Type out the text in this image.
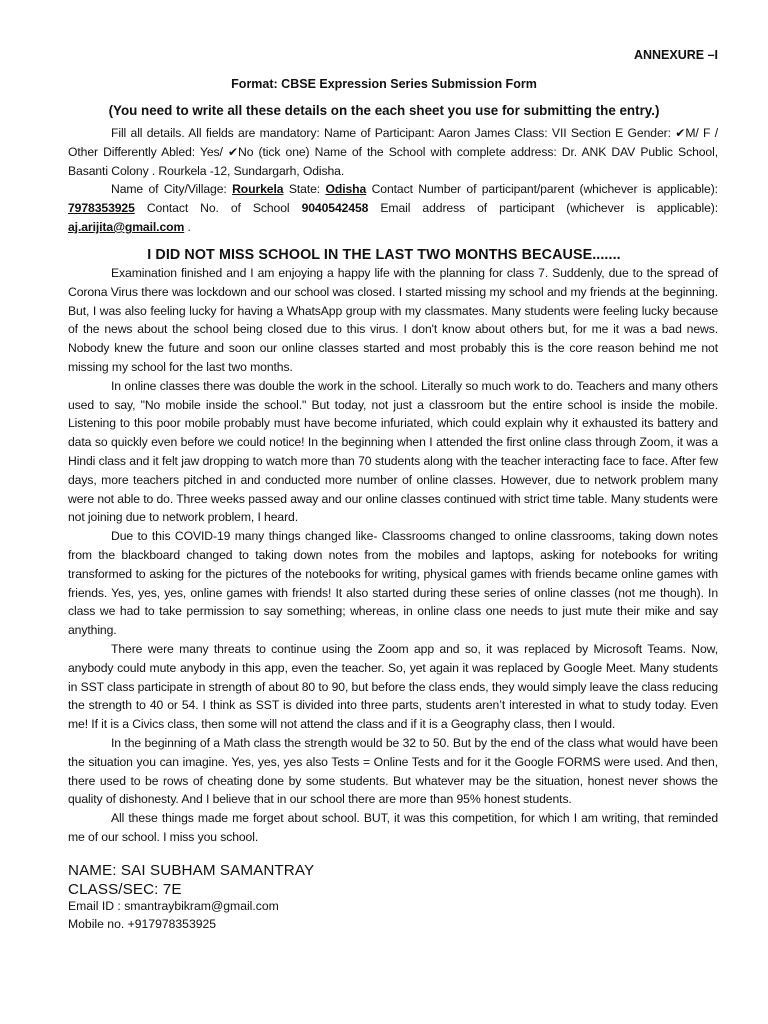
ANNEXURE –I
Format: CBSE Expression Series Submission Form
(You need to write all these details on the each sheet you use for submitting the entry.)

Fill all details. All fields are mandatory: Name of Participant: Aaron James Class: VII Section E Gender: ✔M/ F / Other Differently Abled: Yes/ ✔No (tick one) Name of the School with complete address: Dr. ANK DAV Public School, Basanti Colony . Rourkela -12, Sundargarh, Odisha.

Name of City/Village: Rourkela State: Odisha Contact Number of participant/parent (whichever is applicable): 7978353925 Contact No. of School 9040542458 Email address of participant (whichever is applicable): aj.arijita@gmail.com .

I DID NOT MISS SCHOOL IN THE LAST TWO MONTHS BECAUSE.......

Examination finished and I am enjoying a happy life with the planning for class 7. Suddenly, due to the spread of Corona Virus there was lockdown and our school was closed. I started missing my school and my friends at the beginning. But, I was also feeling lucky for having a WhatsApp group with my classmates. Many students were feeling lucky because of the news about the school being closed due to this virus. I don't know about others but, for me it was a bad news. Nobody knew the future and soon our online classes started and most probably this is the core reason behind me not missing my school for the last two months.

In online classes there was double the work in the school. Literally so much work to do. Teachers and many others used to say, "No mobile inside the school." But today, not just a classroom but the entire school is inside the mobile. Listening to this poor mobile probably must have become infuriated, which could explain why it exhausted its battery and data so quickly even before we could notice! In the beginning when I attended the first online class through Zoom, it was a Hindi class and it felt jaw dropping to watch more than 70 students along with the teacher interacting face to face. After few days, more teachers pitched in and conducted more number of online classes. However, due to network problem many were not able to do. Three weeks passed away and our online classes continued with strict time table. Many students were not joining due to network problem, I heard.

Due to this COVID-19 many things changed like- Classrooms changed to online classrooms, taking down notes from the blackboard changed to taking down notes from the mobiles and laptops, asking for notebooks for writing transformed to asking for the pictures of the notebooks for writing, physical games with friends became online games with friends. Yes, yes, yes, online games with friends! It also started during these series of online classes (not me though). In class we had to take permission to say something; whereas, in online class one needs to just mute their mike and say anything.

There were many threats to continue using the Zoom app and so, it was replaced by Microsoft Teams. Now, anybody could mute anybody in this app, even the teacher. So, yet again it was replaced by Google Meet. Many students in SST class participate in strength of about 80 to 90, but before the class ends, they would simply leave the class reducing the strength to 40 or 54. I think as SST is divided into three parts, students aren’t interested in what to study today. Even me! If it is a Civics class, then some will not attend the class and if it is a Geography class, then I would.

In the beginning of a Math class the strength would be 32 to 50. But by the end of the class what would have been the situation you can imagine. Yes, yes, yes also Tests = Online Tests and for it the Google FORMS were used. And then, there used to be rows of cheating done by some students. But whatever may be the situation, honest never shows the quality of dishonesty. And I believe that in our school there are more than 95% honest students.

All these things made me forget about school. BUT, it was this competition, for which I am writing, that reminded me of our school. I miss you school.

NAME: SAI SUBHAM SAMANTRAY
CLASS/SEC: 7E
Email ID : smantraybikram@gmail.com
Mobile no. +917978353925
